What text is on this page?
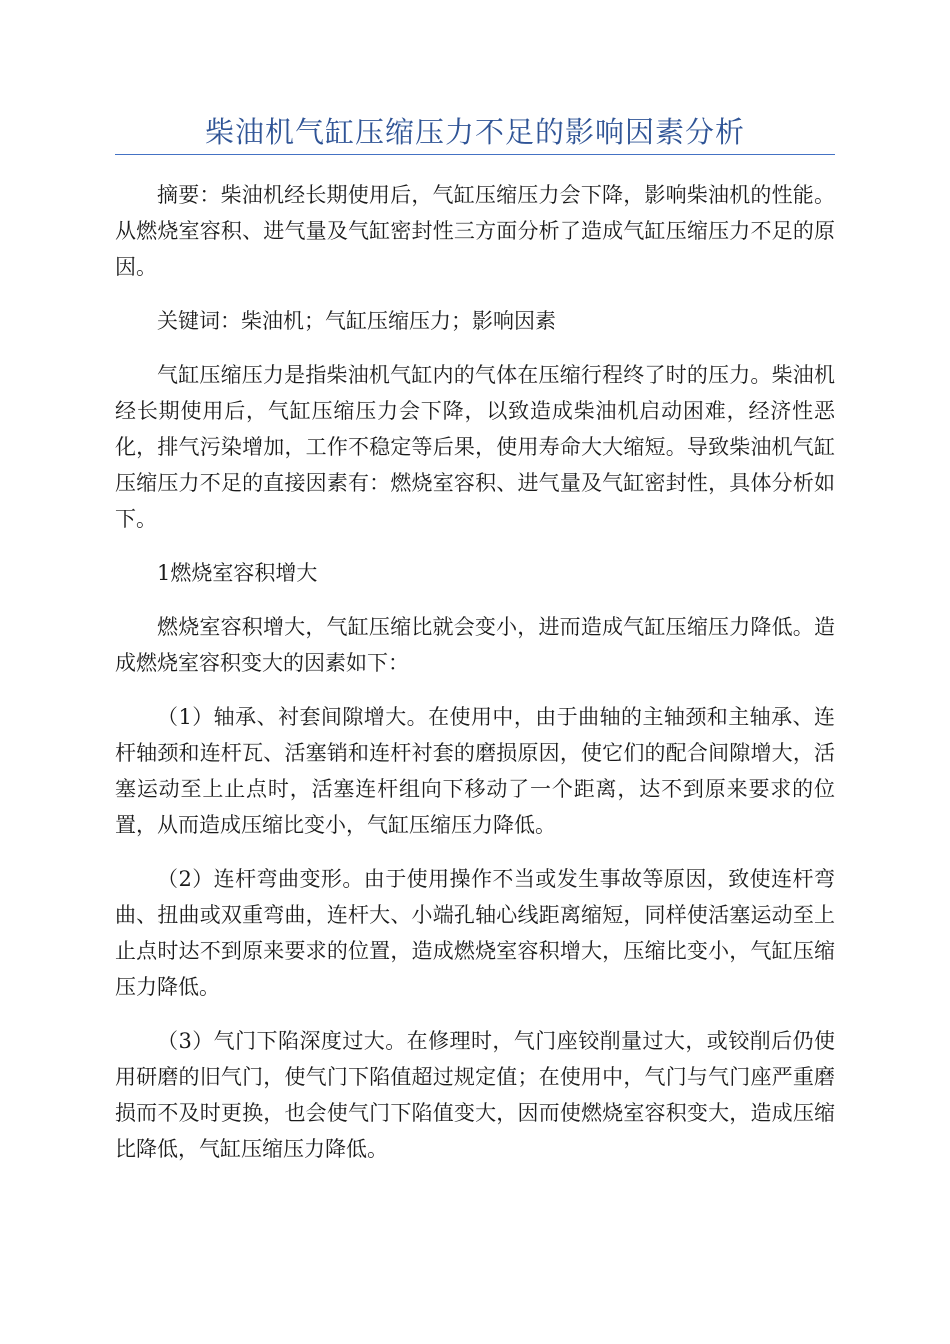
柴油机气缸压缩压力不足的影响因素分析

摘要：柴油机经长期使用后，气缸压缩压力会下降，影响柴油机的性能。从燃烧室容积、进气量及气缸密封性三方面分析了造成气缸压缩压力不足的原因。

关键词：柴油机；气缸压缩压力；影响因素

气缸压缩压力是指柴油机气缸内的气体在压缩行程终了时的压力。柴油机经长期使用后，气缸压缩压力会下降，以致造成柴油机启动困难，经济性恶化，排气污染增加，工作不稳定等后果，使用寿命大大缩短。导致柴油机气缸压缩压力不足的直接因素有：燃烧室容积、进气量及气缸密封性，具体分析如下。

1燃烧室容积增大

燃烧室容积增大，气缸压缩比就会变小，进而造成气缸压缩压力降低。造成燃烧室容积变大的因素如下：

（1）轴承、衬套间隙增大。在使用中，由于曲轴的主轴颈和主轴承、连杆轴颈和连杆瓦、活塞销和连杆衬套的磨损原因，使它们的配合间隙增大，活塞运动至上止点时，活塞连杆组向下移动了一个距离，达不到原来要求的位置，从而造成压缩比变小，气缸压缩压力降低。

（2）连杆弯曲变形。由于使用操作不当或发生事故等原因，致使连杆弯曲、扭曲或双重弯曲，连杆大、小端孔轴心线距离缩短，同样使活塞运动至上止点时达不到原来要求的位置，造成燃烧室容积增大，压缩比变小，气缸压缩压力降低。

（3）气门下陷深度过大。在修理时，气门座铰削量过大，或铰削后仍使用研磨的旧气门，使气门下陷值超过规定值；在使用中，气门与气门座严重磨损而不及时更换，也会使气门下陷值变大，因而使燃烧室容积变大，造成压缩比降低，气缸压缩压力降低。
